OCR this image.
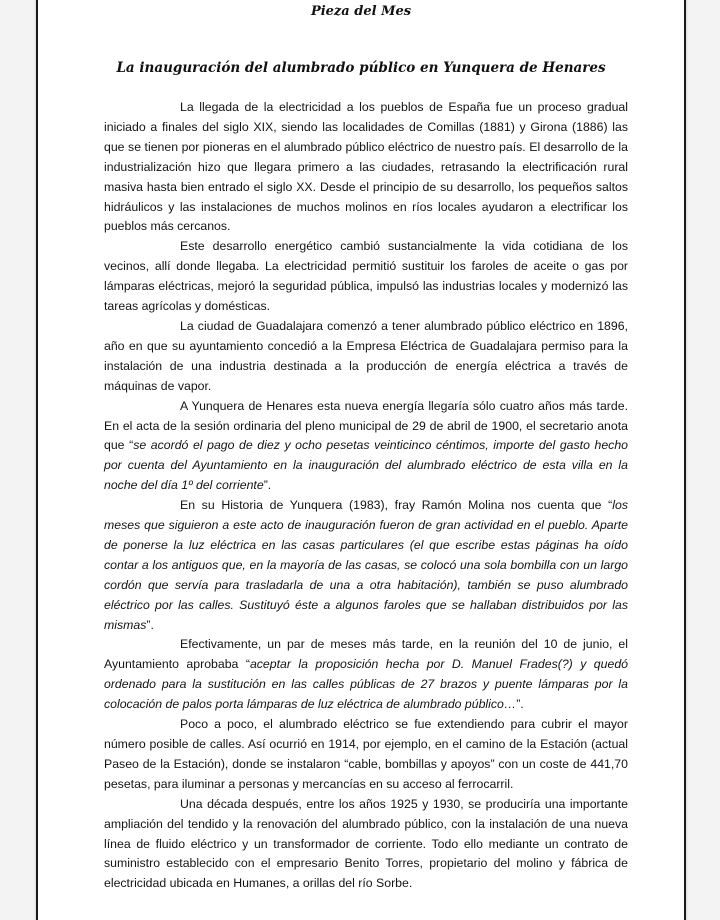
Pieza del Mes
La inauguración del alumbrado público en Yunquera de Henares

La llegada de la electricidad a los pueblos de España fue un proceso gradual iniciado a finales del siglo XIX, siendo las localidades de Comillas (1881) y Girona (1886) las que se tienen por pioneras en el alumbrado público eléctrico de nuestro país. El desarrollo de la industrialización hizo que llegara primero a las ciudades, retrasando la electrificación rural masiva hasta bien entrado el siglo XX. Desde el principio de su desarrollo, los pequeños saltos hidráulicos y las instalaciones de muchos molinos en ríos locales ayudaron a electrificar los pueblos más cercanos.

Este desarrollo energético cambió sustancialmente la vida cotidiana de los vecinos, allí donde llegaba. La electricidad permitió sustituir los faroles de aceite o gas por lámparas eléctricas, mejoró la seguridad pública, impulsó las industrias locales y modernizó las tareas agrícolas y domésticas.

La ciudad de Guadalajara comenzó a tener alumbrado público eléctrico en 1896, año en que su ayuntamiento concedió a la Empresa Eléctrica de Guadalajara permiso para la instalación de una industria destinada a la producción de energía eléctrica a través de máquinas de vapor.

A Yunquera de Henares esta nueva energía llegaría sólo cuatro años más tarde. En el acta de la sesión ordinaria del pleno municipal de 29 de abril de 1900, el secretario anota que “se acordó el pago de diez y ocho pesetas veinticinco céntimos, importe del gasto hecho por cuenta del Ayuntamiento en la inauguración del alumbrado eléctrico de esta villa en la noche del día 1º del corriente”.

En su Historia de Yunquera (1983), fray Ramón Molina nos cuenta que “los meses que siguieron a este acto de inauguración fueron de gran actividad en el pueblo. Aparte de ponerse la luz eléctrica en las casas particulares (el que escribe estas páginas ha oído contar a los antiguos que, en la mayoría de las casas, se colocó una sola bombilla con un largo cordón que servía para trasladarla de una a otra habitación), también se puso alumbrado eléctrico por las calles. Sustituyó éste a algunos faroles que se hallaban distribuidos por las mismas”.

Efectivamente, un par de meses más tarde, en la reunión del 10 de junio, el Ayuntamiento aprobaba “aceptar la proposición hecha por D. Manuel Frades(?) y quedó ordenado para la sustitución en las calles públicas de 27 brazos y puente lámparas por la colocación de palos porta lámparas de luz eléctrica de alumbrado público…”.

Poco a poco, el alumbrado eléctrico se fue extendiendo para cubrir el mayor número posible de calles. Así ocurrió en 1914, por ejemplo, en el camino de la Estación (actual Paseo de la Estación), donde se instalaron “cable, bombillas y apoyos” con un coste de 441,70 pesetas, para iluminar a personas y mercancías en su acceso al ferrocarril.

Una década después, entre los años 1925 y 1930, se produciría una importante ampliación del tendido y la renovación del alumbrado público, con la instalación de una nueva línea de fluido eléctrico y un transformador de corriente. Todo ello mediante un contrato de suministro establecido con el empresario Benito Torres, propietario del molino y fábrica de electricidad ubicada en Humanes, a orillas del río Sorbe.
